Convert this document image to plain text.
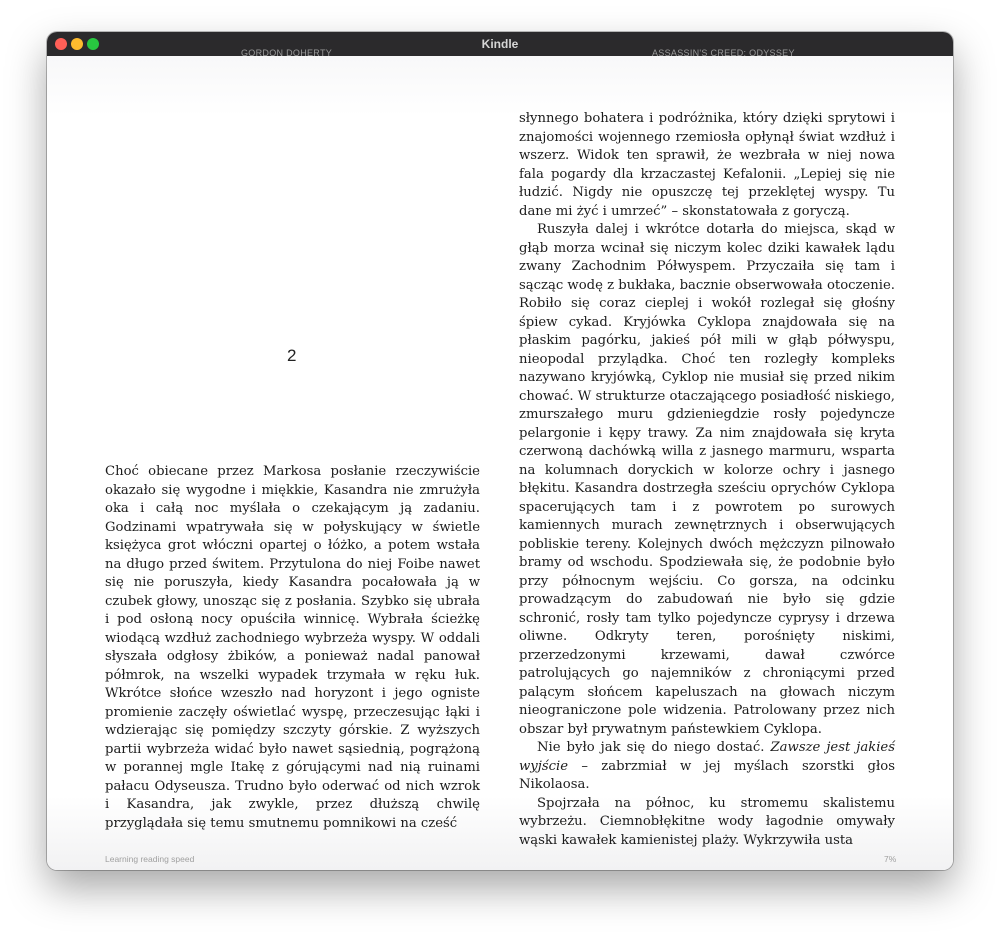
Kindle
GORDON DOHERTY	ASSASSIN'S CREED: ODYSSEY
2

Choć obiecane przez Markosa posłanie rzeczywiście okazało się wygodne i miękkie, Kasandra nie zmrużyła oka i całą noc myślała o czekającym ją zadaniu. Godzinami wpatrywała się w połyskujący w świetle księżyca grot włóczni opartej o łóżko, a potem wstała na długo przed świtem. Przytulona do niej Foibe nawet się nie poruszyła, kiedy Kasandra pocałowała ją w czubek głowy, unosząc się z posłania. Szybko się ubrała i pod osłoną nocy opuściła winnicę. Wybrała ścieżkę wiodącą wzdłuż zachodniego wybrzeża wyspy. W oddali słyszała odgłosy żbików, a ponieważ nadal panował półmrok, na wszelki wypadek trzymała w ręku łuk. Wkrótce słońce wzeszło nad horyzont i jego ogniste promienie zaczęły oświetlać wyspę, przeczesując łąki i wdzierając się pomiędzy szczyty górskie. Z wyższych partii wybrzeża widać było nawet sąsiednią, pogrążoną w porannej mgle Itakę z górującymi nad nią ruinami pałacu Odyseusza. Trudno było oderwać od nich wzrok i Kasandra, jak zwykle, przez dłuższą chwilę przyglądała się temu smutnemu pomnikowi na cześć

słynnego bohatera i podróżnika, który dzięki sprytowi i znajomości wojennego rzemiosła opłynął świat wzdłuż i wszerz. Widok ten sprawił, że wezbrała w niej nowa fala pogardy dla krzaczastej Kefalonii. „Lepiej się nie łudzić. Nigdy nie opuszczę tej przeklętej wyspy. Tu dane mi żyć i umrzeć” – skonstatowała z goryczą.

Ruszyła dalej i wkrótce dotarła do miejsca, skąd w głąb morza wcinał się niczym kolec dziki kawałek lądu zwany Zachodnim Półwyspem. Przyczaiła się tam i sącząc wodę z bukłaka, bacznie obserwowała otoczenie. Robiło się coraz cieplej i wokół rozlegał się głośny śpiew cykad. Kryjówka Cyklopa znajdowała się na płaskim pagórku, jakieś pół mili w głąb półwyspu, nieopodal przylądka. Choć ten rozległy kompleks nazywano kryjówką, Cyklop nie musiał się przed nikim chować. W strukturze otaczającego posiadłość niskiego, zmurszałego muru gdzieniegdzie rosły pojedyncze pelargonie i kępy trawy. Za nim znajdowała się kryta czerwoną dachówką willa z jasnego marmuru, wsparta na kolumnach doryckich w kolorze ochry i jasnego błękitu. Kasandra dostrzegła sześciu oprychów Cyklopa spacerujących tam i z powrotem po surowych kamiennych murach zewnętrznych i obserwujących pobliskie tereny. Kolejnych dwóch mężczyzn pilnowało bramy od wschodu. Spodziewała się, że podobnie było przy północnym wejściu. Co gorsza, na odcinku prowadzącym do zabudowań nie było się gdzie schronić, rosły tam tylko pojedyncze cyprysy i drzewa oliwne. Odkryty teren, porośnięty niskimi, przerzedzonymi krzewami, dawał czwórce patrolujących go najemników z chroniącymi przed palącym słońcem kapeluszach na głowach niczym nieograniczone pole widzenia. Patrolowany przez nich obszar był prywatnym państewkiem Cyklopa.

Nie było jak się do niego dostać. Zawsze jest jakieś wyjście – zabrzmiał w jej myślach szorstki głos Nikolaosa.

Spojrzała na północ, ku stromemu skalistemu wybrzeżu. Ciemnobłękitne wody łagodnie omywały wąski kawałek kamienistej plaży. Wykrzywiła usta

Learning reading speed	7%
